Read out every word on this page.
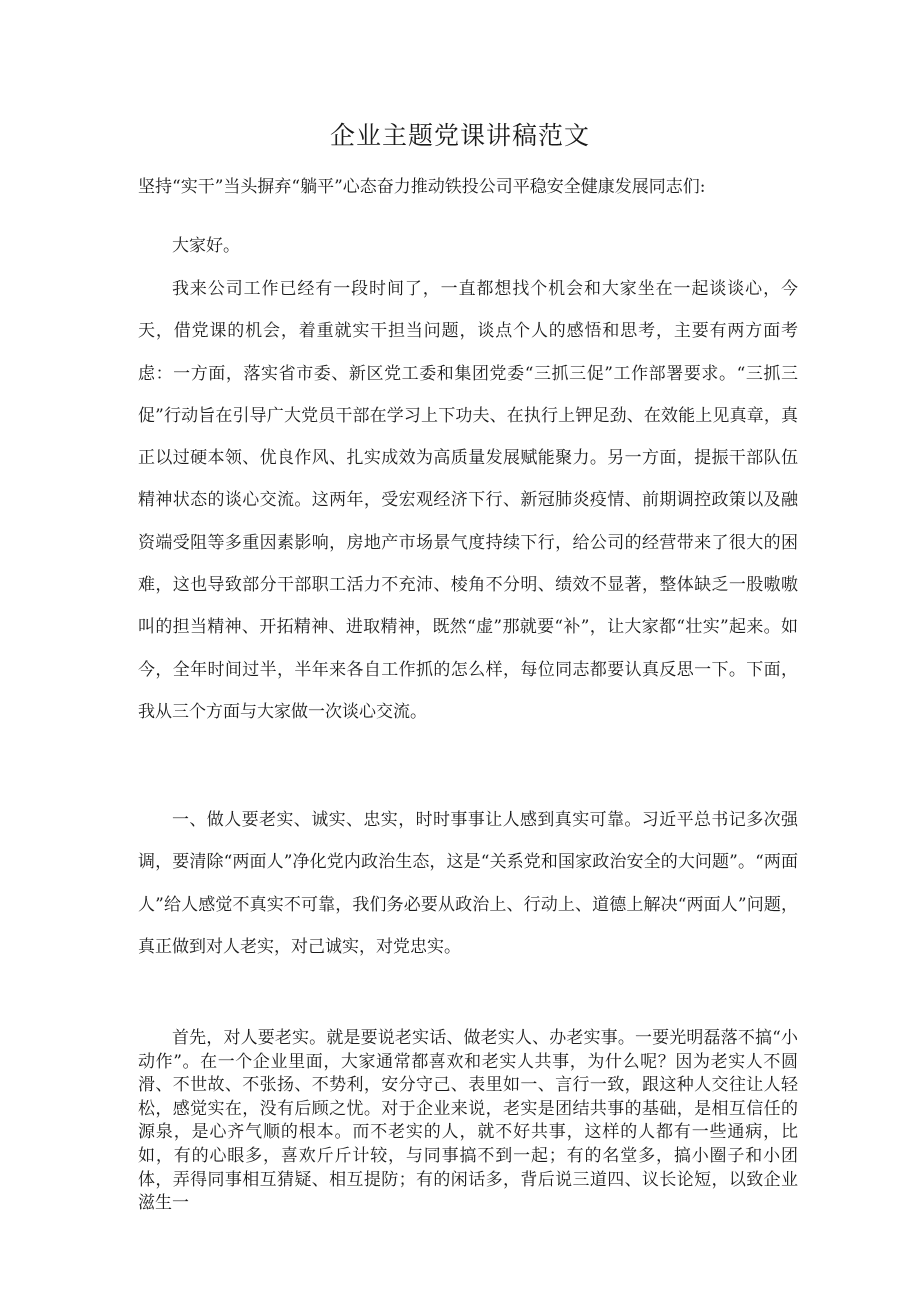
企业主题党课讲稿范文
坚持“实干”当头摒弃“躺平”心态奋力推动铁投公司平稳安全健康发展同志们:

大家好。

我来公司工作已经有一段时间了，一直都想找个机会和大家坐在一起谈谈心，今天，借党课的机会，着重就实干担当问题，谈点个人的感悟和思考，主要有两方面考虑：一方面，落实省市委、新区党工委和集团党委“三抓三促”工作部署要求。“三抓三促”行动旨在引导广大党员干部在学习上下功夫、在执行上钾足劲、在效能上见真章，真正以过硬本领、优良作风、扎实成效为高质量发展赋能聚力。另一方面，提振干部队伍精神状态的谈心交流。这两年，受宏观经济下行、新冠肺炎疫情、前期调控政策以及融资端受阻等多重因素影响，房地产市场景气度持续下行，给公司的经营带来了很大的困难，这也导致部分干部职工活力不充沛、棱角不分明、绩效不显著，整体缺乏一股嗷嗷叫的担当精神、开拓精神、进取精神，既然“虚”那就要“补”，让大家都“壮实”起来。如今，全年时间过半，半年来各自工作抓的怎么样，每位同志都要认真反思一下。下面，我从三个方面与大家做一次谈心交流。

一、做人要老实、诚实、忠实，时时事事让人感到真实可靠。习近平总书记多次强调，要清除“两面人”净化党内政治生态，这是“关系党和国家政治安全的大问题”。“两面人”给人感觉不真实不可靠，我们务必要从政治上、行动上、道德上解决“两面人”问题，真正做到对人老实，对己诚实，对党忠实。

首先，对人要老实。就是要说老实话、做老实人、办老实事。一要光明磊落不搞“小动作”。在一个企业里面，大家通常都喜欢和老实人共事，为什么呢？因为老实人不圆滑、不世故、不张扬、不势利，安分守己、表里如一、言行一致，跟这种人交往让人轻松，感觉实在，没有后顾之忧。对于企业来说，老实是团结共事的基础，是相互信任的源泉，是心齐气顺的根本。而不老实的人，就不好共事，这样的人都有一些通病，比如，有的心眼多，喜欢斤斤计较，与同事搞不到一起；有的名堂多，搞小圈子和小团体，弄得同事相互猜疑、相互提防；有的闲话多，背后说三道四、议长论短，以致企业滋生一
